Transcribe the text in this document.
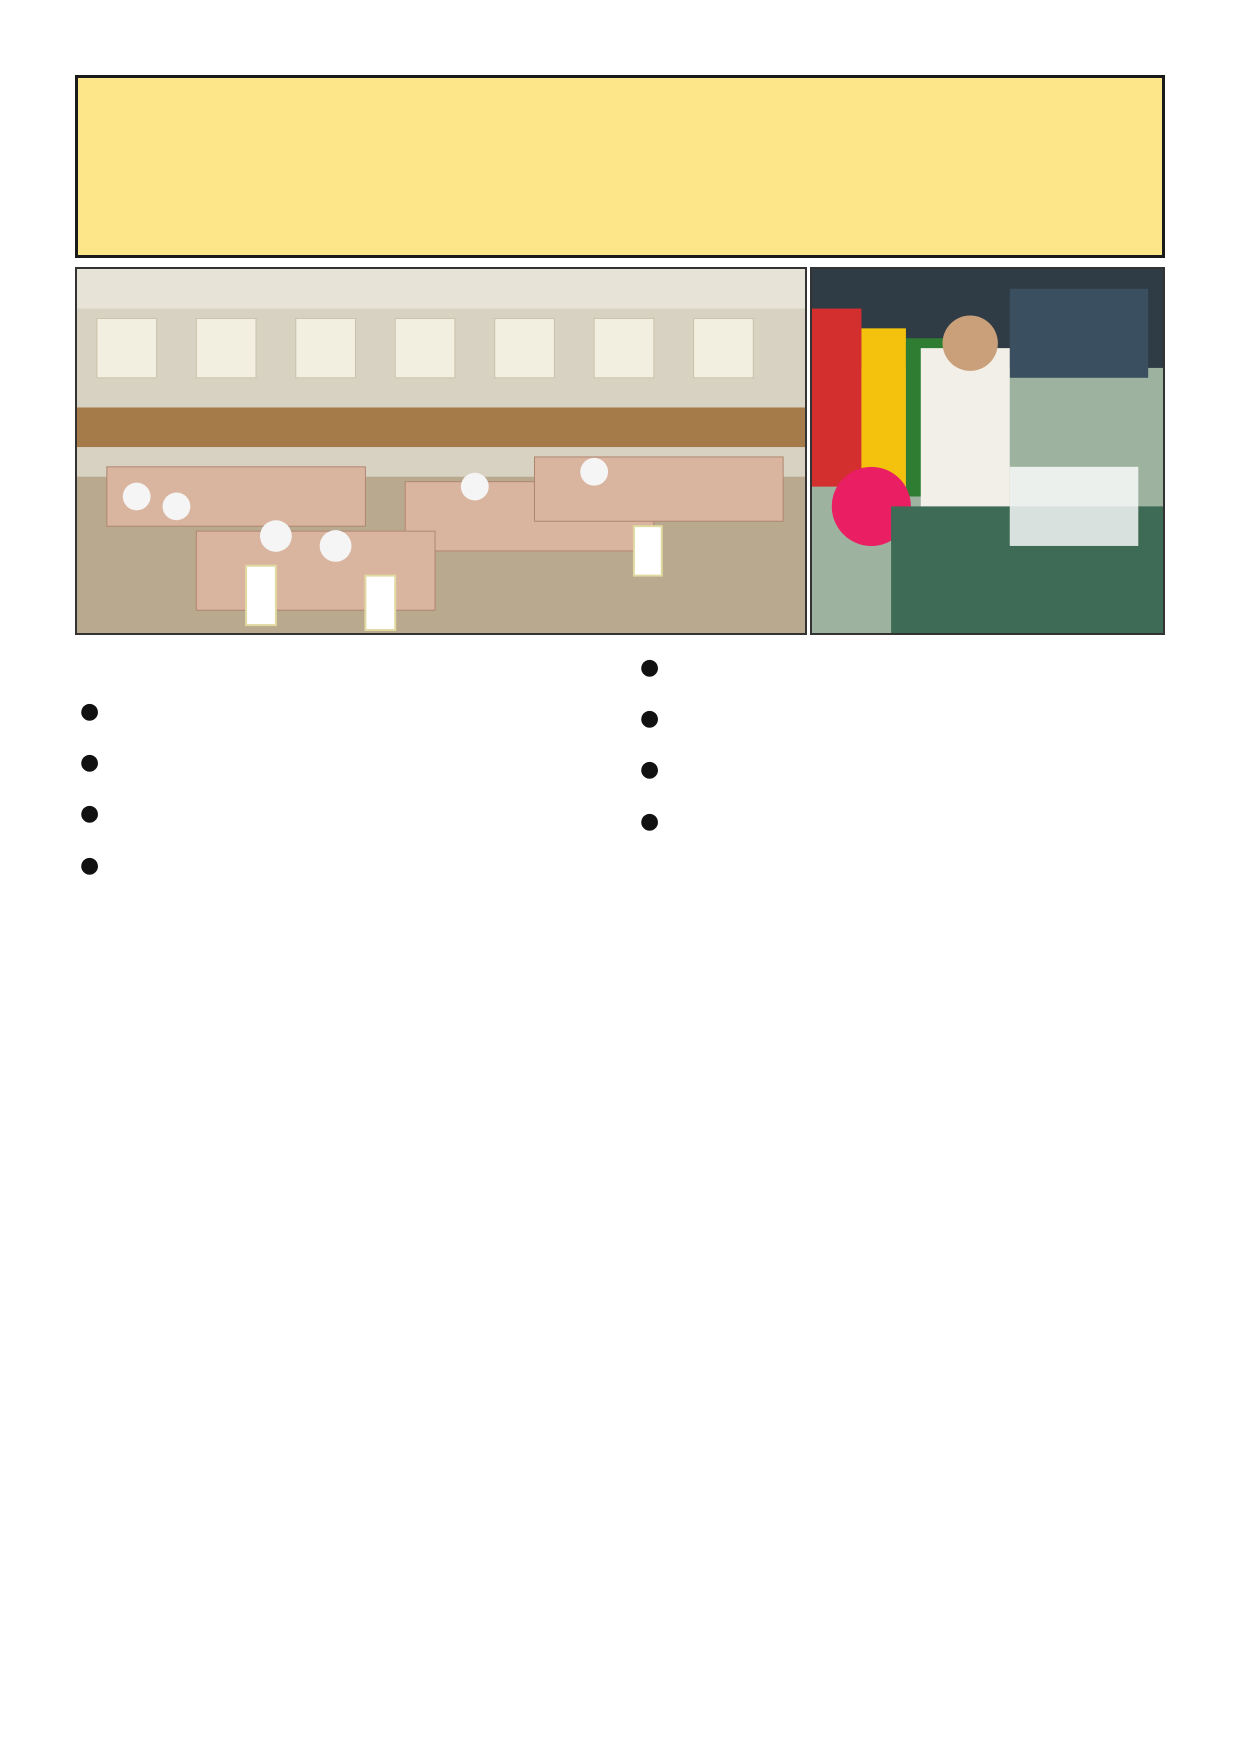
●
●
●
●
●
●
●
●
